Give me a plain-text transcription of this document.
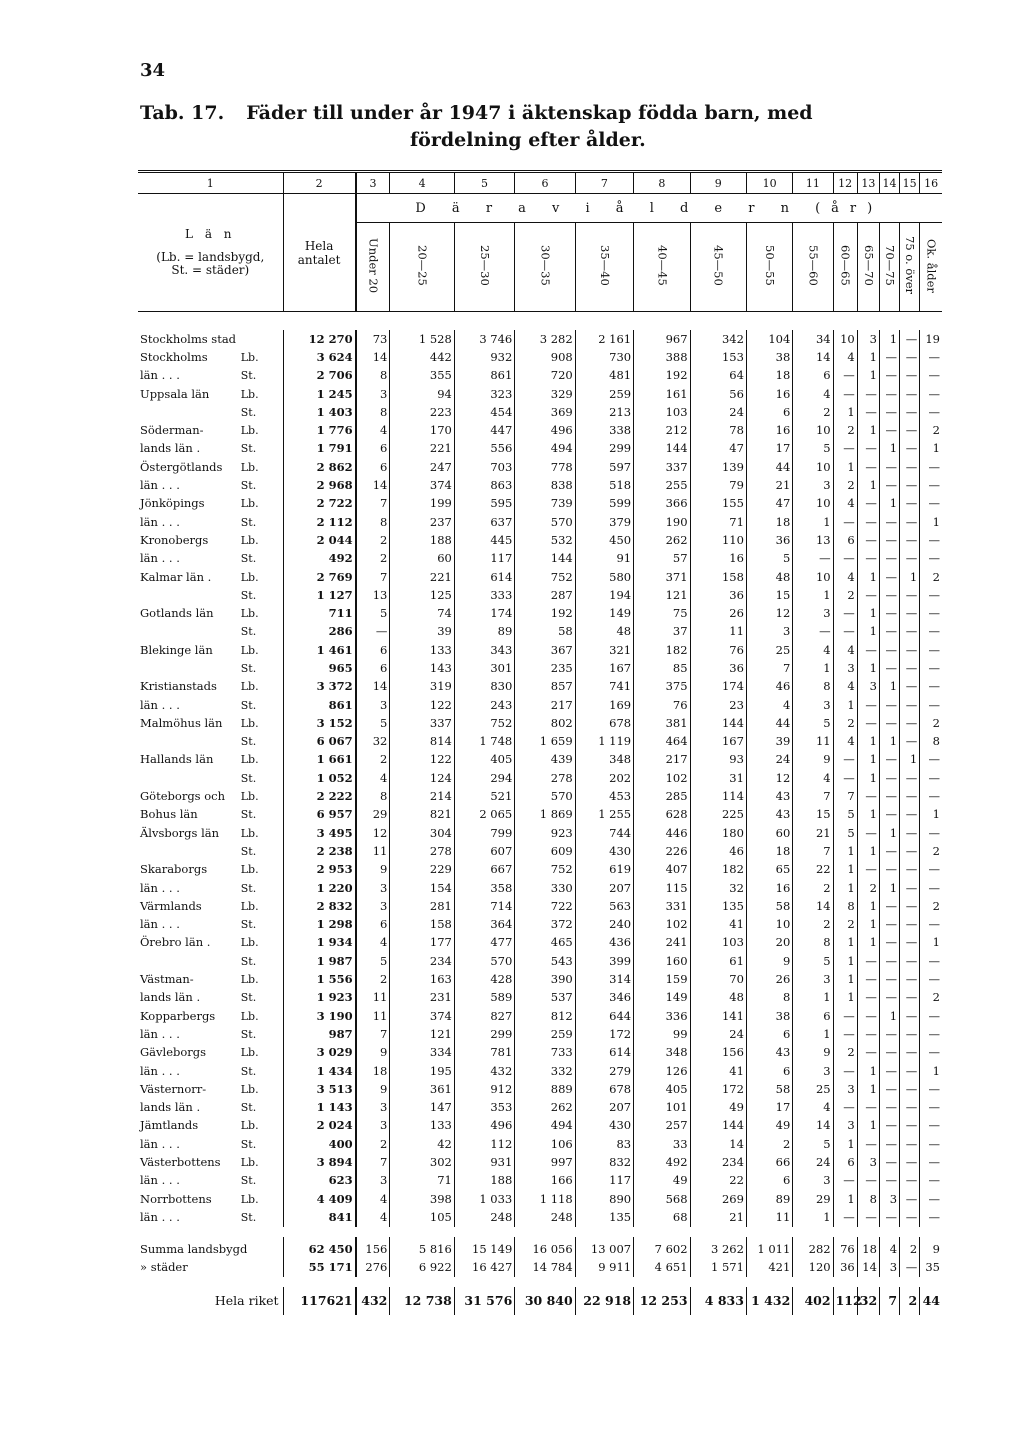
34
Tab. 17. Fäder till under år 1947 i äktenskap födda barn, med
fördelning efter ålder.
1		2	3	4	5	6	7	8	9	10	11	12	13	14	15	16

L ä n
(Lb. = landsbygd,
St. = städer)		Hela antalet	D ä r a v i å l d e r n (år)													
			Under 20	20—25	25—30	30—35	35—40	40—45	45—50	50—55	55—60	60—65	65—70	70—75	75 o. över	Ok. ålder

Stockholms stad		12 270	73	1 528	3 746	3 282	2 161	967	342	104	34	10	3	1	—	19
Stockholms	Lb.	3 624	14	442	932	908	730	388	153	38	14	4	1	—	—	—
län . . .	St.	2 706	8	355	861	720	481	192	64	18	6	—	1	—	—	—
Uppsala län	Lb.	1 245	3	94	323	329	259	161	56	16	4	—	—	—	—	—
	St.	1 403	8	223	454	369	213	103	24	6	2	1	—	—	—	—
Söderman-	Lb.	1 776	4	170	447	496	338	212	78	16	10	2	1	—	—	2
lands län .	St.	1 791	6	221	556	494	299	144	47	17	5	—	—	1	—	1
Östergötlands	Lb.	2 862	6	247	703	778	597	337	139	44	10	1	—	—	—	—
län . . .	St.	2 968	14	374	863	838	518	255	79	21	3	2	1	—	—	—
Jönköpings	Lb.	2 722	7	199	595	739	599	366	155	47	10	4	—	1	—	—
län . . .	St.	2 112	8	237	637	570	379	190	71	18	1	—	—	—	—	1
Kronobergs	Lb.	2 044	2	188	445	532	450	262	110	36	13	6	—	—	—	—
län . . .	St.	492	2	60	117	144	91	57	16	5	—	—	—	—	—	—
Kalmar län .	Lb.	2 769	7	221	614	752	580	371	158	48	10	4	1	—	1	2
	St.	1 127	13	125	333	287	194	121	36	15	1	2	—	—	—	—
Gotlands län	Lb.	711	5	74	174	192	149	75	26	12	3	—	1	—	—	—
	St.	286	—	39	89	58	48	37	11	3	—	—	1	—	—	—
Blekinge län	Lb.	1 461	6	133	343	367	321	182	76	25	4	4	—	—	—	—
	St.	965	6	143	301	235	167	85	36	7	1	3	1	—	—	—
Kristianstads	Lb.	3 372	14	319	830	857	741	375	174	46	8	4	3	1	—	—
län . . .	St.	861	3	122	243	217	169	76	23	4	3	1	—	—	—	—
Malmöhus län	Lb.	3 152	5	337	752	802	678	381	144	44	5	2	—	—	—	2
	St.	6 067	32	814	1 748	1 659	1 119	464	167	39	11	4	1	1	—	8
Hallands län	Lb.	1 661	2	122	405	439	348	217	93	24	9	—	1	—	1	—
	St.	1 052	4	124	294	278	202	102	31	12	4	—	1	—	—	—
Göteborgs och	Lb.	2 222	8	214	521	570	453	285	114	43	7	7	—	—	—	—
Bohus län	St.	6 957	29	821	2 065	1 869	1 255	628	225	43	15	5	1	—	—	1
Älvsborgs län	Lb.	3 495	12	304	799	923	744	446	180	60	21	5	—	1	—	—
	St.	2 238	11	278	607	609	430	226	46	18	7	1	1	—	—	2
Skaraborgs	Lb.	2 953	9	229	667	752	619	407	182	65	22	1	—	—	—	—
län . . .	St.	1 220	3	154	358	330	207	115	32	16	2	1	2	1	—	—
Värmlands	Lb.	2 832	3	281	714	722	563	331	135	58	14	8	1	—	—	2
län . . .	St.	1 298	6	158	364	372	240	102	41	10	2	2	1	—	—	—
Örebro län .	Lb.	1 934	4	177	477	465	436	241	103	20	8	1	1	—	—	1
	St.	1 987	5	234	570	543	399	160	61	9	5	1	—	—	—	—
Västman-	Lb.	1 556	2	163	428	390	314	159	70	26	3	1	—	—	—	—
lands län .	St.	1 923	11	231	589	537	346	149	48	8	1	1	—	—	—	2
Kopparbergs	Lb.	3 190	11	374	827	812	644	336	141	38	6	—	—	1	—	—
län . . .	St.	987	7	121	299	259	172	99	24	6	1	—	—	—	—	—
Gävleborgs	Lb.	3 029	9	334	781	733	614	348	156	43	9	2	—	—	—	—
län . . .	St.	1 434	18	195	432	332	279	126	41	6	3	—	1	—	—	1
Västernorr-	Lb.	3 513	9	361	912	889	678	405	172	58	25	3	1	—	—	—
lands län .	St.	1 143	3	147	353	262	207	101	49	17	4	—	—	—	—	—
Jämtlands	Lb.	2 024	3	133	496	494	430	257	144	49	14	3	1	—	—	—
län . . .	St.	400	2	42	112	106	83	33	14	2	5	1	—	—	—	—
Västerbottens	Lb.	3 894	7	302	931	997	832	492	234	66	24	6	3	—	—	—
län . . .	St.	623	3	71	188	166	117	49	22	6	3	—	—	—	—	—
Norrbottens	Lb.	4 409	4	398	1 033	1 118	890	568	269	89	29	1	8	3	—	—
län . . .	St.	841	4	105	248	248	135	68	21	11	1	—	—	—	—	—

Summa landsbygd		62 450	156	5 816	15 149	16 056	13 007	7 602	3 262	1 011	282	76	18	4	2	9
» städer		55 171	276	6 922	16 427	14 784	9 911	4 651	1 571	421	120	36	14	3	—	35

Hela riket		117621	432	12 738	31 576	30 840	22 918	12 253	4 833	1 432	402	112	32	7	2	44
